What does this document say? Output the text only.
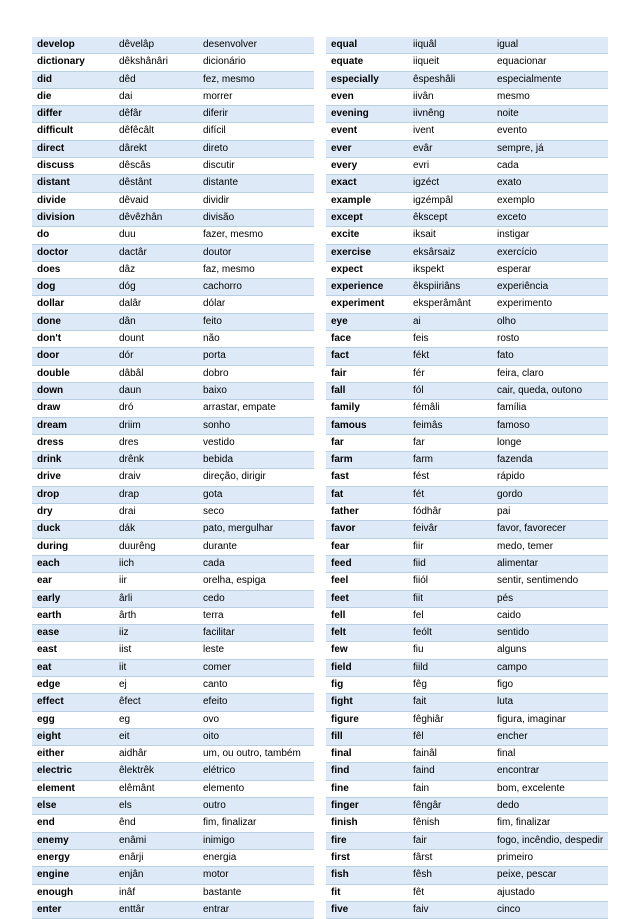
develop	dêvelâp	desenvolver
dictionary	dêkshânâri	dicionário
did	dêd	fez, mesmo
die	dai	morrer
differ	dêfâr	diferir
difficult	dêfêcâlt	difícil
direct	dârekt	direto
discuss	dêscâs	discutir
distant	dêstânt	distante
divide	dêvaid	dividir
division	dêvêzhân	divisão
do	duu	fazer, mesmo
doctor	dactâr	doutor
does	dâz	faz, mesmo
dog	dóg	cachorro
dollar	dalâr	dólar
done	dân	feito
don't	dount	não
door	dór	porta
double	dâbâl	dobro
down	daun	baixo
draw	dró	arrastar, empate
dream	driim	sonho
dress	dres	vestido
drink	drênk	bebida
drive	draiv	direção, dirigir
drop	drap	gota
dry	drai	seco
duck	dák	pato, mergulhar
during	duurêng	durante
each	iich	cada
ear	iir	orelha, espiga
early	ârli	cedo
earth	ârth	terra
ease	iiz	facilitar
east	iist	leste
eat	iit	comer
edge	ej	canto
effect	êfect	efeito
egg	eg	ovo
eight	eit	oito
either	aidhâr	um, ou outro, também
electric	êlektrêk	elétrico
element	elêmânt	elemento
else	els	outro
end	ênd	fim, finalizar
enemy	enâmi	inimigo
energy	enârji	energia
engine	enjân	motor
enough	inâf	bastante
enter	enttâr	entrar
equal	iiquâl	igual
equate	iiqueit	equacionar
especially	êspeshâli	especialmente
even	iivân	mesmo
evening	iivnêng	noite
event	ivent	evento
ever	evâr	sempre, já
every	evri	cada
exact	igzéct	exato
example	igzémpâl	exemplo
except	êkscept	exceto
excite	iksait	instigar
exercise	eksârsaiz	exercício
expect	ikspekt	esperar
experience	êkspiiriâns	experiência
experiment	eksperâmânt	experimento
eye	ai	olho
face	feis	rosto
fact	fékt	fato
fair	fér	feira, claro
fall	fól	cair, queda, outono
family	fémâli	família
famous	feimâs	famoso
far	far	longe
farm	farm	fazenda
fast	fést	rápido
fat	fét	gordo
father	fódhâr	pai
favor	feivâr	favor, favorecer
fear	fiir	medo, temer
feed	fiid	alimentar
feel	fiiól	sentir, sentimendo
feet	fiit	pés
fell	fel	caido
felt	feólt	sentido
few	fiu	alguns
field	fiild	campo
fig	fêg	figo
fight	fait	luta
figure	fêghiâr	figura, imaginar
fill	fêl	encher
final	fainâl	final
find	faind	encontrar
fine	fain	bom, excelente
finger	fêngâr	dedo
finish	fênish	fim, finalizar
fire	fair	fogo, incêndio, despedir
first	fârst	primeiro
fish	fêsh	peixe, pescar
fit	fêt	ajustado
five	faiv	cinco
